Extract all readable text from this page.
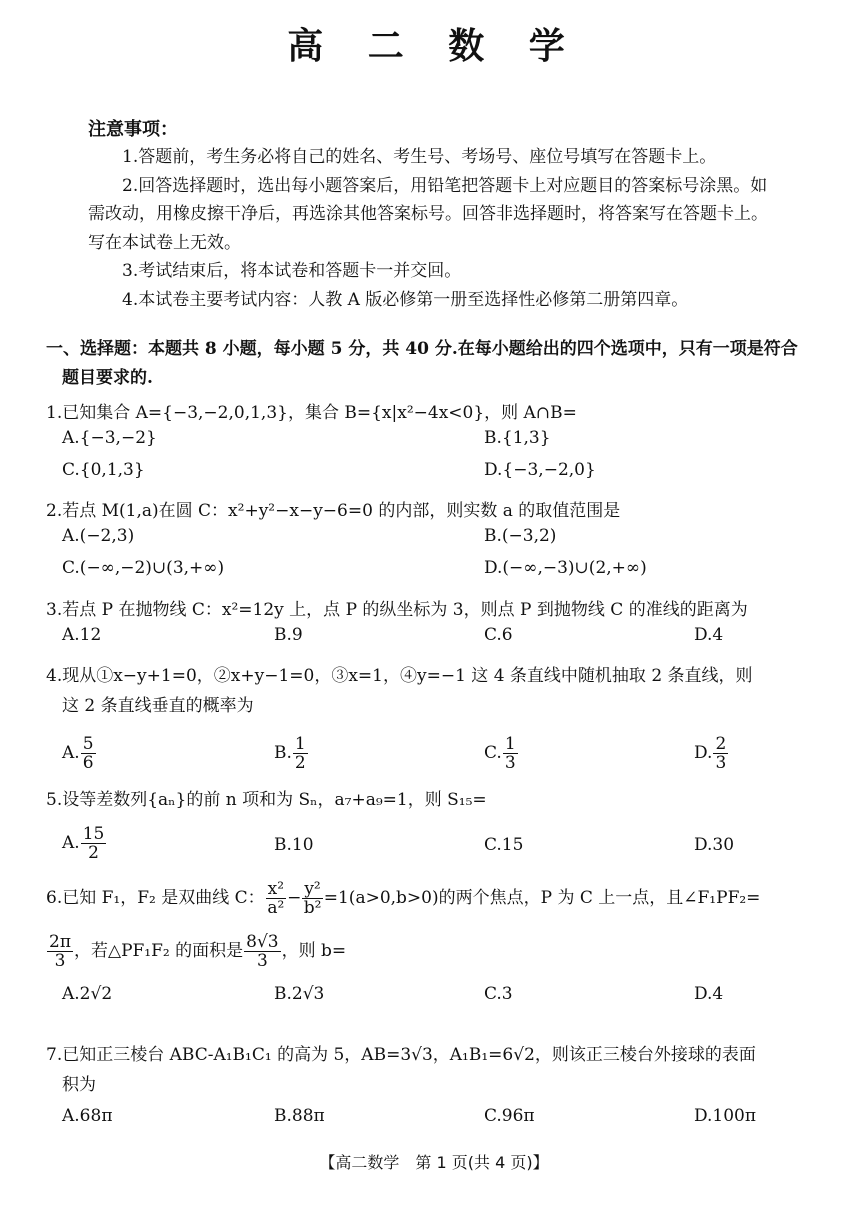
高 二 数 学
注意事项：
1.答题前，考生务必将自己的姓名、考生号、考场号、座位号填写在答题卡上。
2.回答选择题时，选出每小题答案后，用铅笔把答题卡上对应题目的答案标号涂黑。如需改动，用橡皮擦干净后，再选涂其他答案标号。回答非选择题时，将答案写在答题卡上。写在本试卷上无效。
3.考试结束后，将本试卷和答题卡一并交回。
4.本试卷主要考试内容：人教 A 版必修第一册至选择性必修第二册第四章。
一、选择题：本题共 8 小题，每小题 5 分，共 40 分.在每小题给出的四个选项中，只有一项是符合
题目要求的.
1.已知集合 A={−3,−2,0,1,3}，集合 B={x|x²−4x<0}，则 A∩B=
A.{−3,−2}	B.{1,3}
C.{0,1,3}	D.{−3,−2,0}
2.若点 M(1,a)在圆 C：x²+y²−x−y−6=0 的内部，则实数 a 的取值范围是
A.(−2,3)	B.(−3,2)
C.(−∞,−2)∪(3,+∞)	D.(−∞,−3)∪(2,+∞)
3.若点 P 在抛物线 C：x²=12y 上，点 P 的纵坐标为 3，则点 P 到抛物线 C 的准线的距离为
A.12	B.9	C.6	D.4
4.现从①x−y+1=0，②x+y−1=0，③x=1，④y=−1 这 4 条直线中随机抽取 2 条直线，则
这 2 条直线垂直的概率为
A. $\frac{5}{6}$	B. $\frac{1}{2}$	C. $\frac{1}{3}$	D. $\frac{2}{3}$
5.设等差数列{aₙ}的前 n 项和为 Sₙ，a₇+a₉=1，则 S₁₅=
A. $\frac{15}{2}$	B.10	C.15	D.30
6.已知 F₁，F₂ 是双曲线 C： $\frac{\text{x²}}{\text{a²}} - \frac{\text{y²}}{\text{b²}} =1(a>0,b>0)$的两个焦点，P 为 C 上一点，且∠F₁PF₂=
$\frac{2\pi}{3}$ ，若△PF₁F₂ 的面积是 $\frac{8√3}{3}$ ，则 b=
A.2√2	B.2√3	C.3	D.4
7.已知正三棱台 ABC-A₁B₁C₁ 的高为 5，AB=3√3，A₁B₁=6√2，则该正三棱台外接球的表面
积为
A.68π	B.88π	C.96π	D.100π
【高二数学　第 1 页(共 4 页)】
